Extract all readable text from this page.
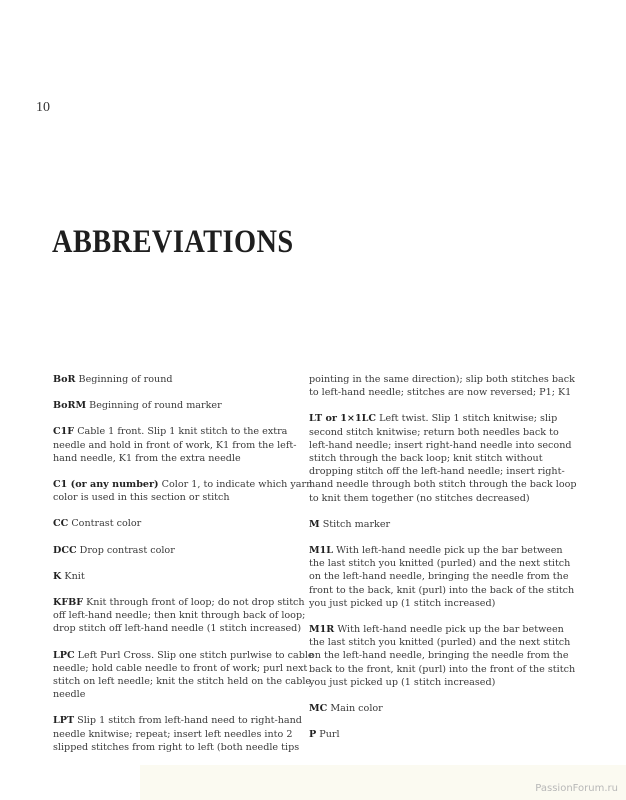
10
ABBREVIATIONS

BoR Beginning of round

BoRM Beginning of round marker

C1F Cable 1 front. Slip 1 knit stitch to the extra needle and hold in front of work, K1 from the left-hand needle, K1 from the extra needle

C1 (or any number) Color 1, to indicate which yarn color is used in this section or stitch

CC Contrast color

DCC Drop contrast color

K Knit

KFBF Knit through front of loop; do not drop stitch off left-hand needle; then knit through back of loop; drop stitch off left-hand needle (1 stitch increased)

LPC Left Purl Cross. Slip one stitch purlwise to cable needle; hold cable needle to front of work; purl next stitch on left needle; knit the stitch held on the cable needle

LPT Slip 1 stitch from left-hand need to right-hand needle knitwise; repeat; insert left needles into 2 slipped stitches from right to left (both needle tips

pointing in the same direction); slip both stitches back to left-hand needle; stitches are now reversed; P1; K1

LT or 1×1LC Left twist. Slip 1 stitch knitwise; slip second stitch knitwise; return both needles back to left-hand needle; insert right-hand needle into second stitch through the back loop; knit stitch without dropping stitch off the left-hand needle; insert right-hand needle through both stitch through the back loop to knit them together (no stitches decreased)

M Stitch marker

M1L With left-hand needle pick up the bar between the last stitch you knitted (purled) and the next stitch on the left-hand needle, bringing the needle from the front to the back, knit (purl) into the back of the stitch you just picked up (1 stitch increased)

M1R With left-hand needle pick up the bar between the last stitch you knitted (purled) and the next stitch on the left-hand needle, bringing the needle from the back to the front, knit (purl) into the front of the stitch you just picked up (1 stitch increased)

MC Main color

P Purl

PassionForum.ru
